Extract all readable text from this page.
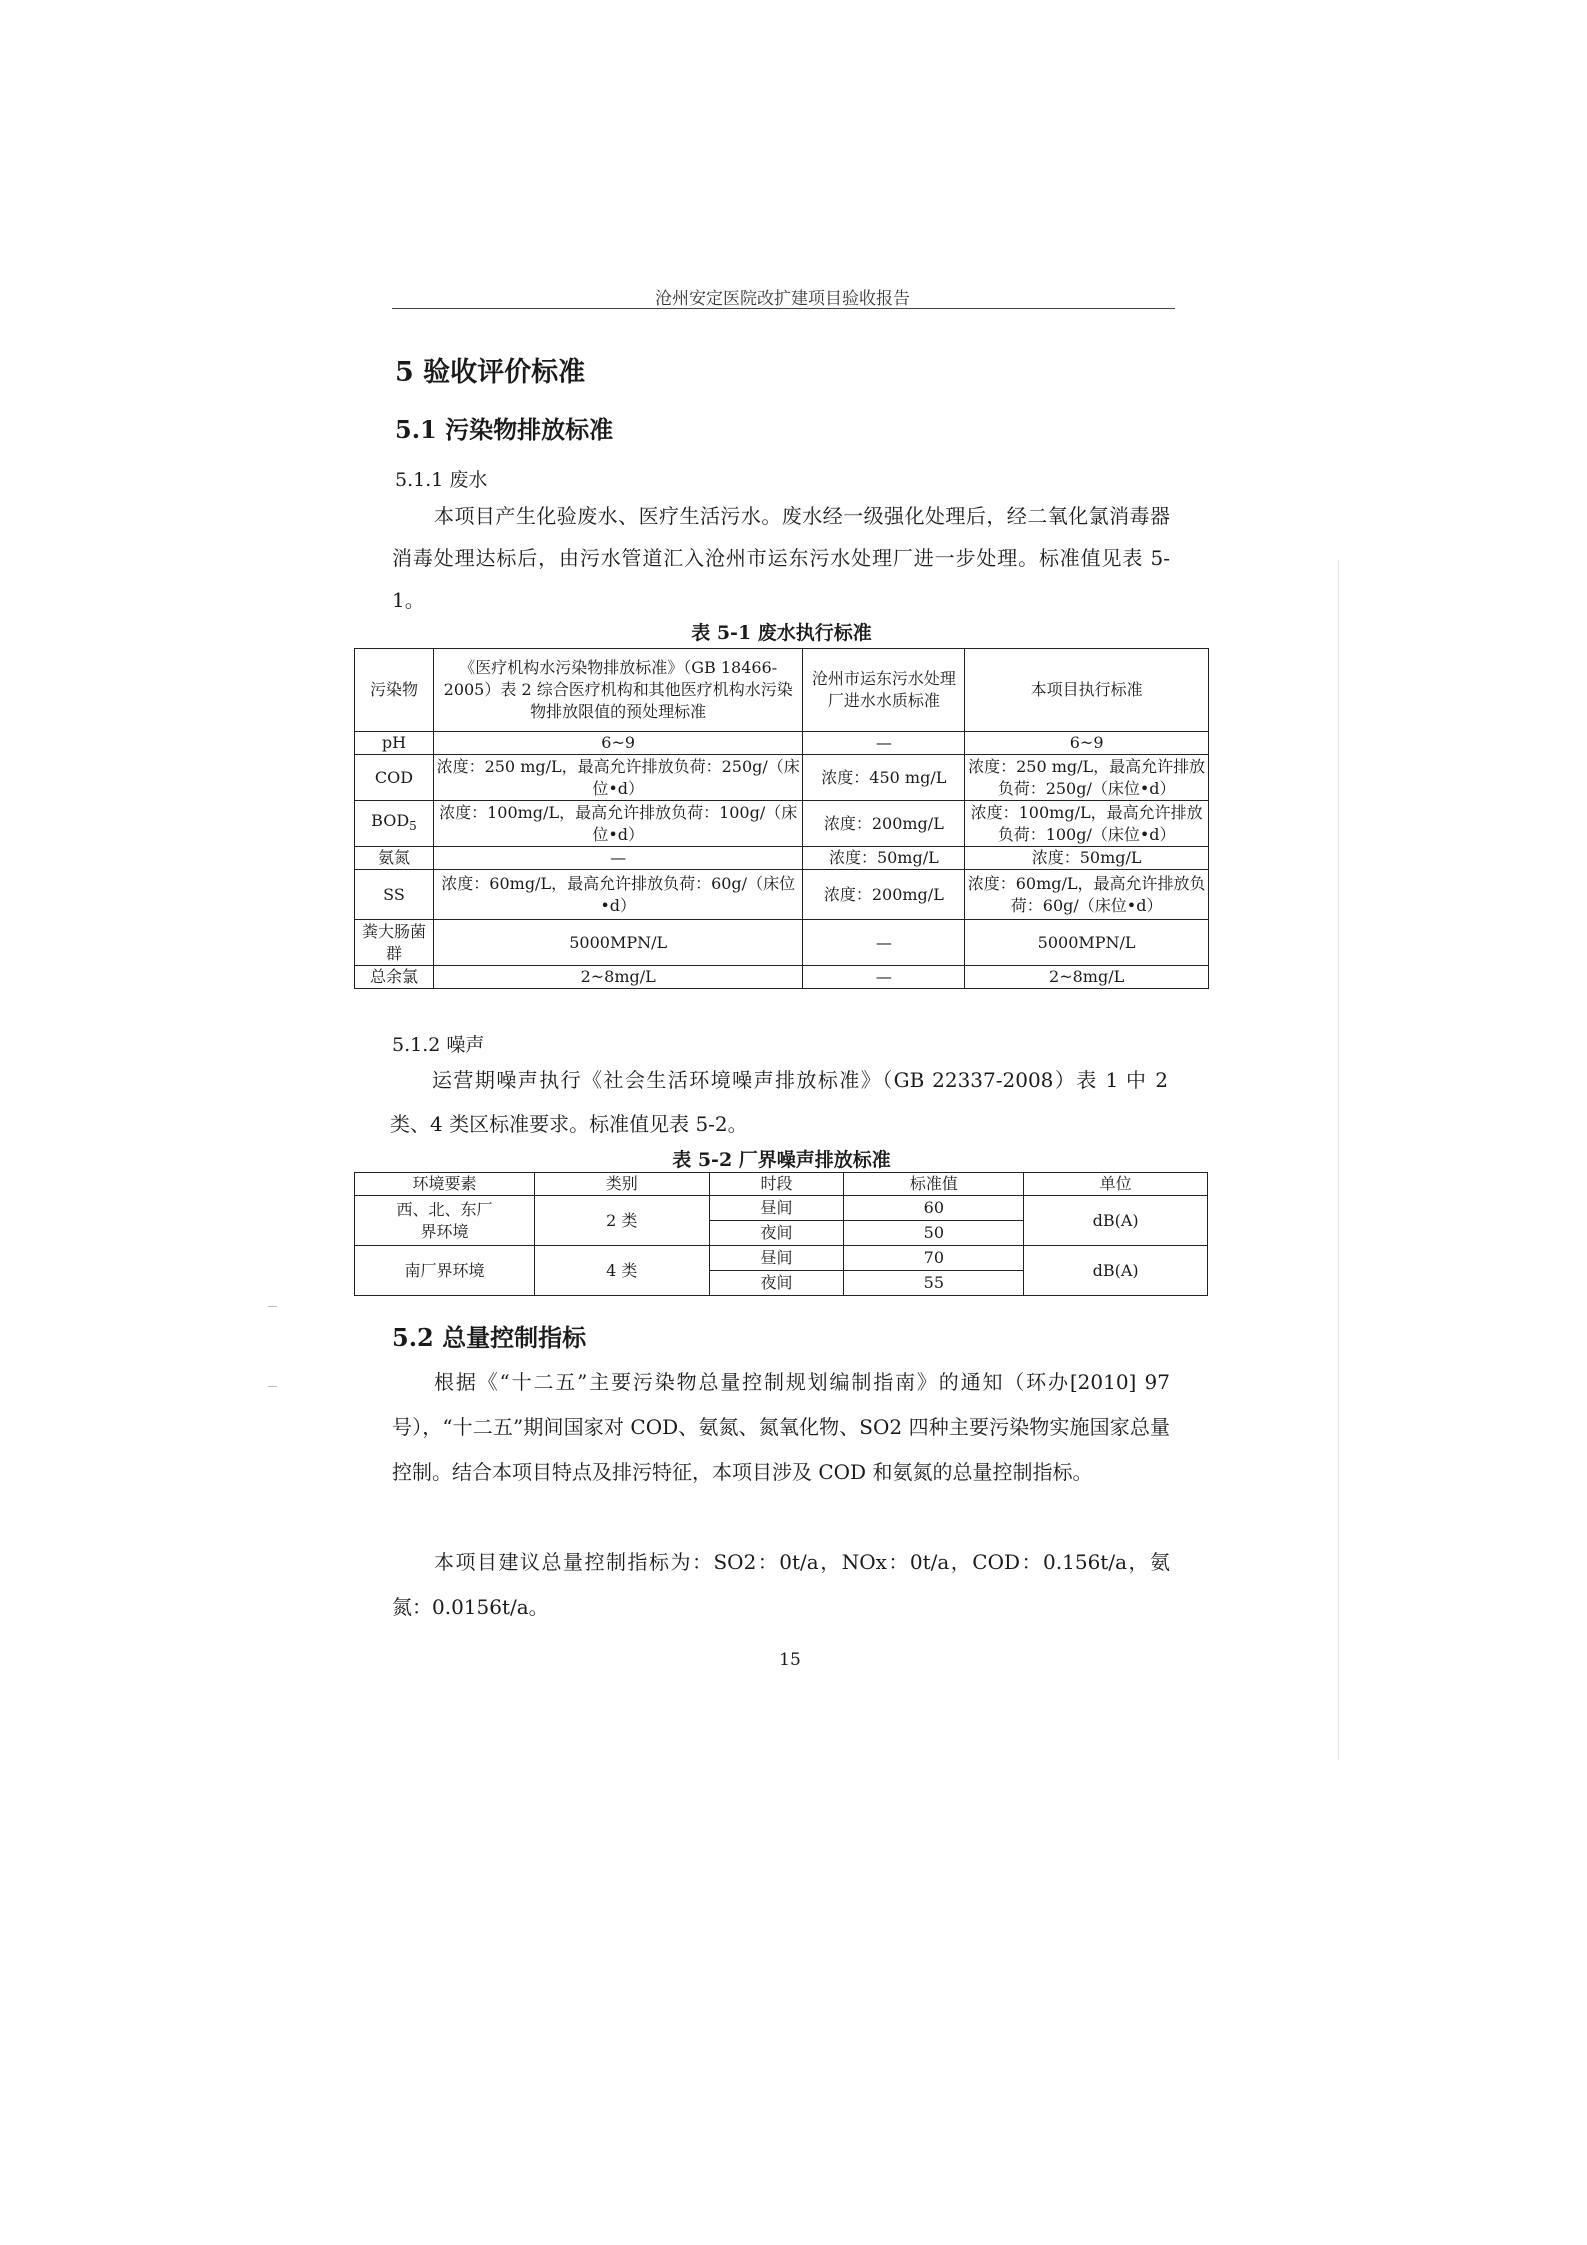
沧州安定医院改扩建项目验收报告
5 验收评价标准
5.1 污染物排放标准
5.1.1 废水
本项目产生化验废水、医疗生活污水。废水经一级强化处理后，经二氧化氯消毒器消毒处理达标后，由污水管道汇入沧州市运东污水处理厂进一步处理。标准值见表 5-1。
表 5-1 废水执行标准
污染物	《医疗机构水污染物排放标准》（GB 18466-2005）表 2 综合医疗机构和其他医疗机构水污染物排放限值的预处理标准	沧州市运东污水处理厂进水水质标准	本项目执行标准
pH	6~9	—	6~9
COD	浓度：250 mg/L，最高允许排放负荷：250g/（床位•d）	浓度：450 mg/L	浓度：250 mg/L，最高允许排放负荷：250g/（床位•d）
$BOD_5$	浓度：100mg/L，最高允许排放负荷：100g/（床位•d）	浓度：200mg/L	浓度：100mg/L，最高允许排放负荷：100g/（床位•d）
氨氮	—	浓度：50mg/L	浓度：50mg/L
SS	浓度：60mg/L，最高允许排放负荷：60g/（床位•d）	浓度：200mg/L	浓度：60mg/L，最高允许排放负荷：60g/（床位•d）
粪大肠菌群	5000MPN/L	—	5000MPN/L
总余氯	2~8mg/L	—	2~8mg/L
5.1.2 噪声
运营期噪声执行《社会生活环境噪声排放标准》（GB 22337-2008）表 1 中 2 类、4 类区标准要求。标准值见表 5-2。
表 5-2 厂界噪声排放标准
环境要素	类别	时段	标准值	单位
西、北、东厂界环境	2 类	昼间	60	dB(A)
		夜间	50	
南厂界环境	4 类	昼间	70	dB(A)
		夜间	55	
5.2 总量控制指标
根据《“十二五”主要污染物总量控制规划编制指南》的通知（环办[2010] 97号），“十二五”期间国家对 COD、氨氮、氮氧化物、SO2 四种主要污染物实施国家总量控制。结合本项目特点及排污特征，本项目涉及 COD 和氨氮的总量控制指标。
本项目建议总量控制指标为：SO2：0t/a，NOx：0t/a，COD：0.156t/a，氨氮：0.0156t/a。
15
